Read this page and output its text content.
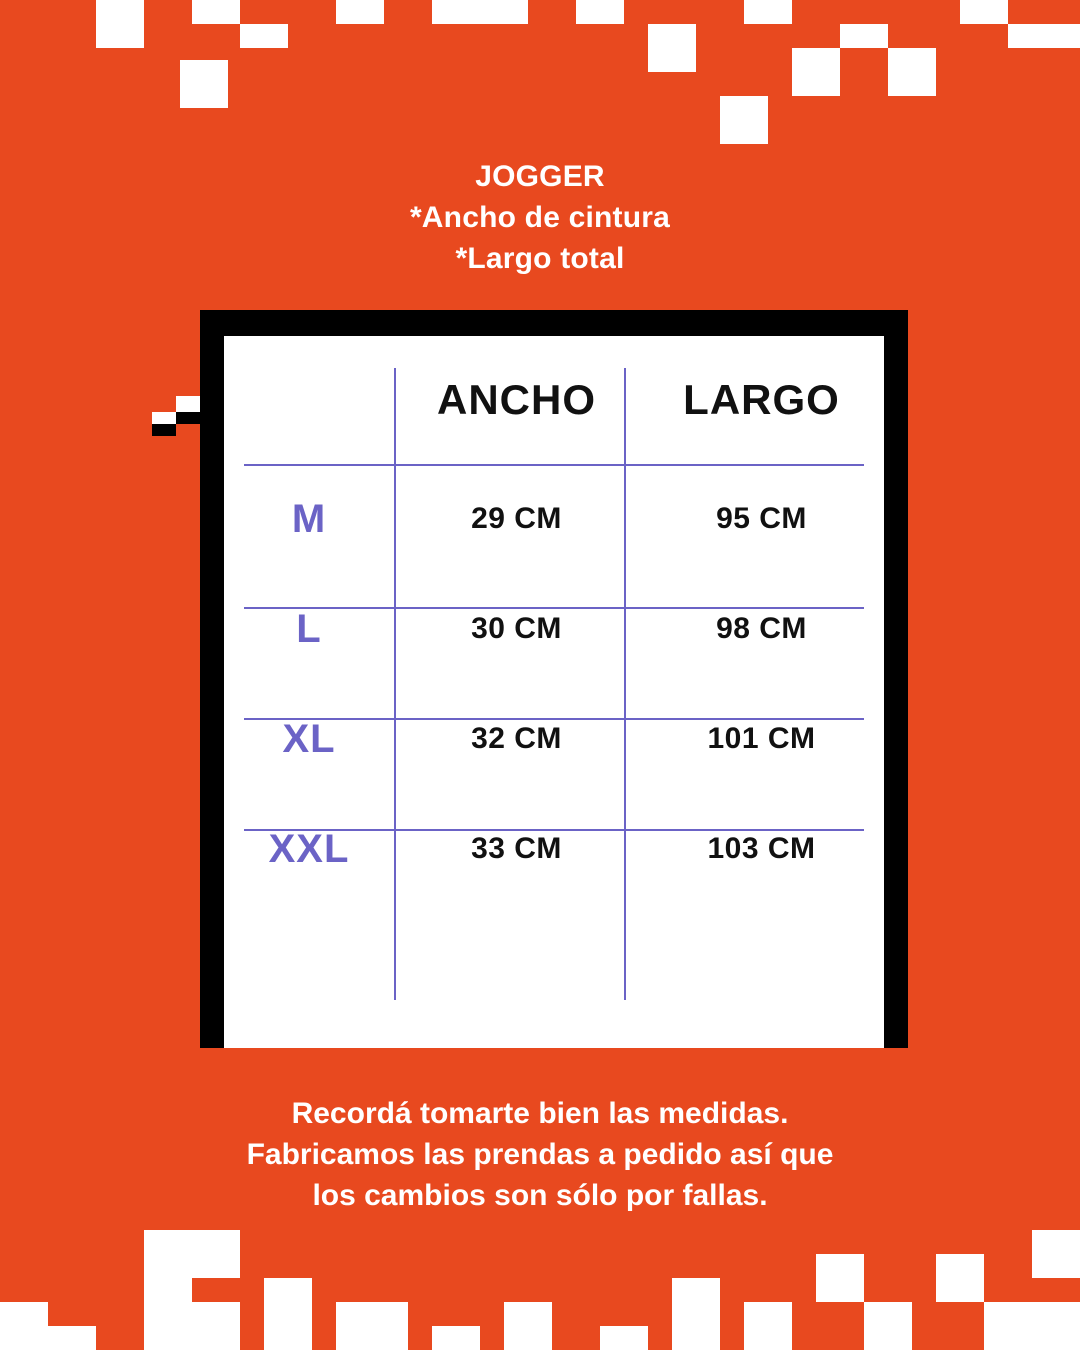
JOGGER
*Ancho de cintura
*Largo total
	ANCHO	LARGO
M	29 CM	95 CM
L	30 CM	98 CM
XL	32 CM	101 CM
XXL	33 CM	103 CM

Recordá tomarte bien las medidas.
Fabricamos las prendas a pedido así que
los cambios son sólo por fallas.
